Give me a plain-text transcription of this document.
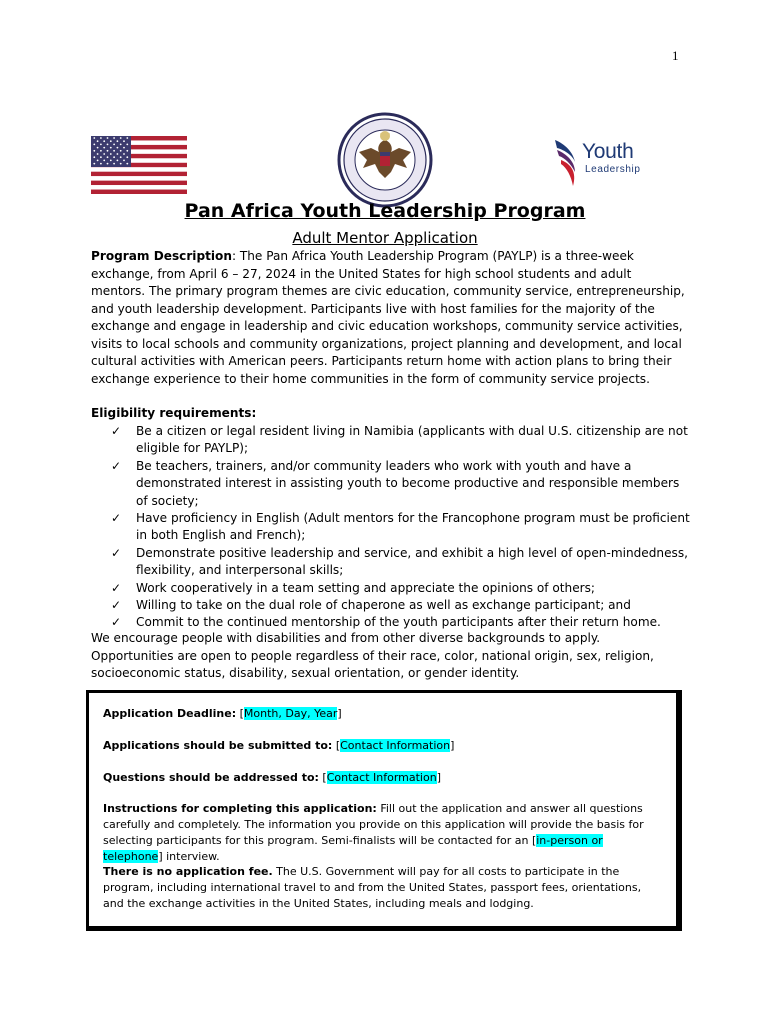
1
Youth
Leadership
Pan Africa Youth Leadership Program
Adult Mentor Application
Program Description: The Pan Africa Youth Leadership Program (PAYLP) is a three-week exchange, from April 6 – 27, 2024 in the United States for high school students and adult mentors. The primary program themes are civic education, community service, entrepreneurship, and youth leadership development. Participants live with host families for the majority of the exchange and engage in leadership and civic education workshops, community service activities, visits to local schools and community organizations, project planning and development, and local cultural activities with American peers. Participants return home with action plans to bring their exchange experience to their home communities in the form of community service projects.
Eligibility requirements:
✓ Be a citizen or legal resident living in Namibia (applicants with dual U.S. citizenship are not eligible for PAYLP);
✓ Be teachers, trainers, and/or community leaders who work with youth and have a demonstrated interest in assisting youth to become productive and responsible members of society;
✓ Have proficiency in English (Adult mentors for the Francophone program must be proficient in both English and French);
✓ Demonstrate positive leadership and service, and exhibit a high level of open-mindedness, flexibility, and interpersonal skills;
✓ Work cooperatively in a team setting and appreciate the opinions of others;
✓ Willing to take on the dual role of chaperone as well as exchange participant; and
✓ Commit to the continued mentorship of the youth participants after their return home.
We encourage people with disabilities and from other diverse backgrounds to apply. Opportunities are open to people regardless of their race, color, national origin, sex, religion, socioeconomic status, disability, sexual orientation, or gender identity.
Application Deadline: [Month, Day, Year]
Applications should be submitted to: [Contact Information]
Questions should be addressed to: [Contact Information]
Instructions for completing this application: Fill out the application and answer all questions carefully and completely. The information you provide on this application will provide the basis for selecting participants for this program. Semi-finalists will be contacted for an [in-person or telephone] interview.
There is no application fee. The U.S. Government will pay for all costs to participate in the program, including international travel to and from the United States, passport fees, orientations, and the exchange activities in the United States, including meals and lodging.
